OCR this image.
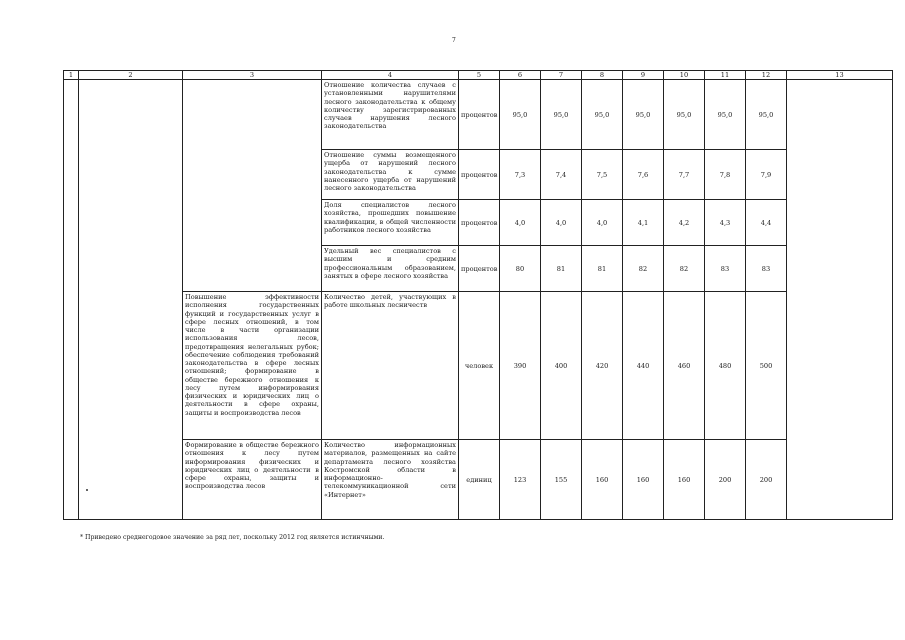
7
1	2	3	4	5	6	7	8	9	10	11	12	13
			Отношение количества случаев с установленными нарушителями лесного законодательства к общему количеству зарегистрированных случаев нарушения лесного законодательства	процентов	95,0	95,0	95,0	95,0	95,0	95,0	95,0	
			Отношение суммы возмещенного ущерба от нарушений лесного законодательства к сумме нанесенного ущерба от нарушений лесного законодательства	процентов	7,3	7,4	7,5	7,6	7,7	7,8	7,9	
			Доля специалистов лесного хозяйства, прошедших повышение квалификации, в общей численности работников лесного хозяйства	процентов	4,0	4,0	4,0	4,1	4,2	4,3	4,4	
			Удельный вес специалистов с высшим и средним профессиональным образованием, занятых в сфере лесного хозяйства	процентов	80	81	81	82	82	83	83	
		Повышение эффективности исполнения государственных функций и государственных услуг в сфере лесных отношений, в том числе в части организации использования лесов, предотвращения нелегальных рубок; обеспечение соблюдения требований законодательства в сфере лесных отношений; формирование в обществе бережного отношения к лесу путем информирования физических и юридических лиц о деятельности в сфере охраны, защиты и воспроизводства лесов	Количество детей, участвующих в работе школьных лесничеств	человек	390	400	420	440	460	480	500	
		Формирование в обществе бережного отношения к лесу путем информирования физических и юридических лиц о деятельности в сфере охраны, защиты и воспроизводства лесов	Количество информационных материалов, размещенных на сайте департамента лесного хозяйства Костромской области в информационно-телекоммуникационной сети «Интернет»	единиц	123	155	160	160	160	200	200	
* Приведено среднегодовое значение за ряд лет, поскольку 2012 год является истинчными.
